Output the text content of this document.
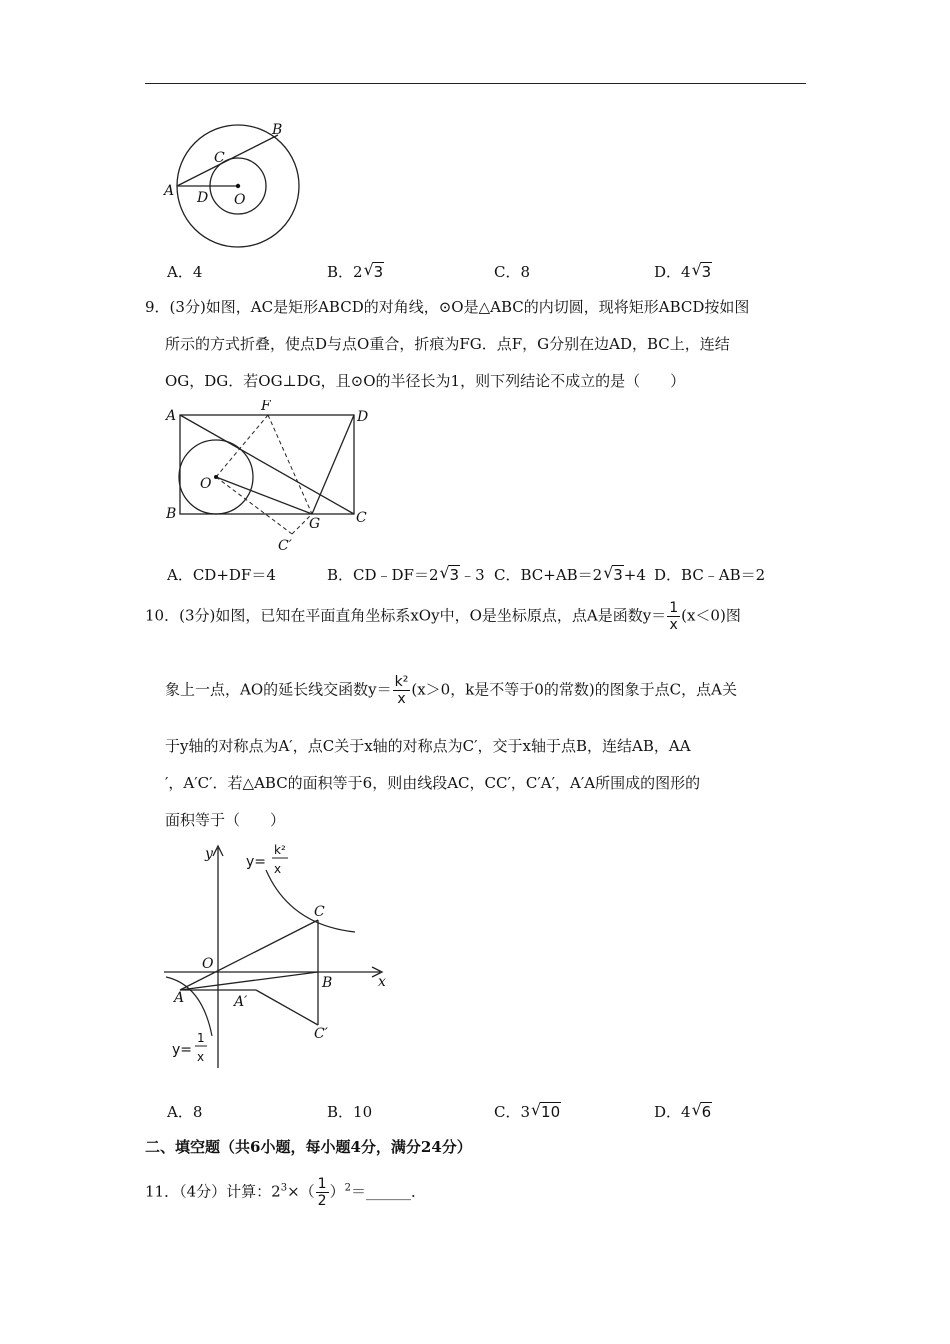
A
B
C
D O
A．4	B．2 √ 3	C．8	D．4 √ 3
9．(3分)如图，AC是矩形ABCD的对角线，⊙O是△ABC的内切圆，现将矩形ABCD按如图
所示的方式折叠，使点D与点O重合，折痕为FG．点F，G分别在边AD，BC上，连结
OG，DG．若OG⊥DG，且⊙O的半径长为1，则下列结论不成立的是（　　）
A
F
D
O
B
G	C
C′
A．CD+DF＝4	B．CD﹣DF＝2 √ 3﹣3 C．BC+AB＝2 √ 3+4 D．BC﹣AB＝2
10．(3分)如图，已知在平面直角坐标系xOy中，O是坐标原点，点A是函数$y= \frac{1}{x} (x<0)$图
象上一点，AO的延长线交函数$y= \frac{\text{k²}}{x} (x>0$，k是不等于0的常数)的图象于点C，点A关
于y轴的对称点为A′，点C关于x轴的对称点为C′，交于x轴于点B，连结AB，AA
′，A′C′．若△ABC的面积等于6，则由线段AC，CC′，C′A′，A′A所围成的图形的
面积等于（　　）
y
x
O
A	A′
B
C
C′
y=
k²
x
y=
1
x
A．8	B．10	C．3 √ 10	D．4 √ 6
二、填空题（共6小题，每小题4分，满分24分）
11．（4分）计算：$2^3\times( \frac{1}{2}$ ）$^2=\_\_\_\_\_\_$．
